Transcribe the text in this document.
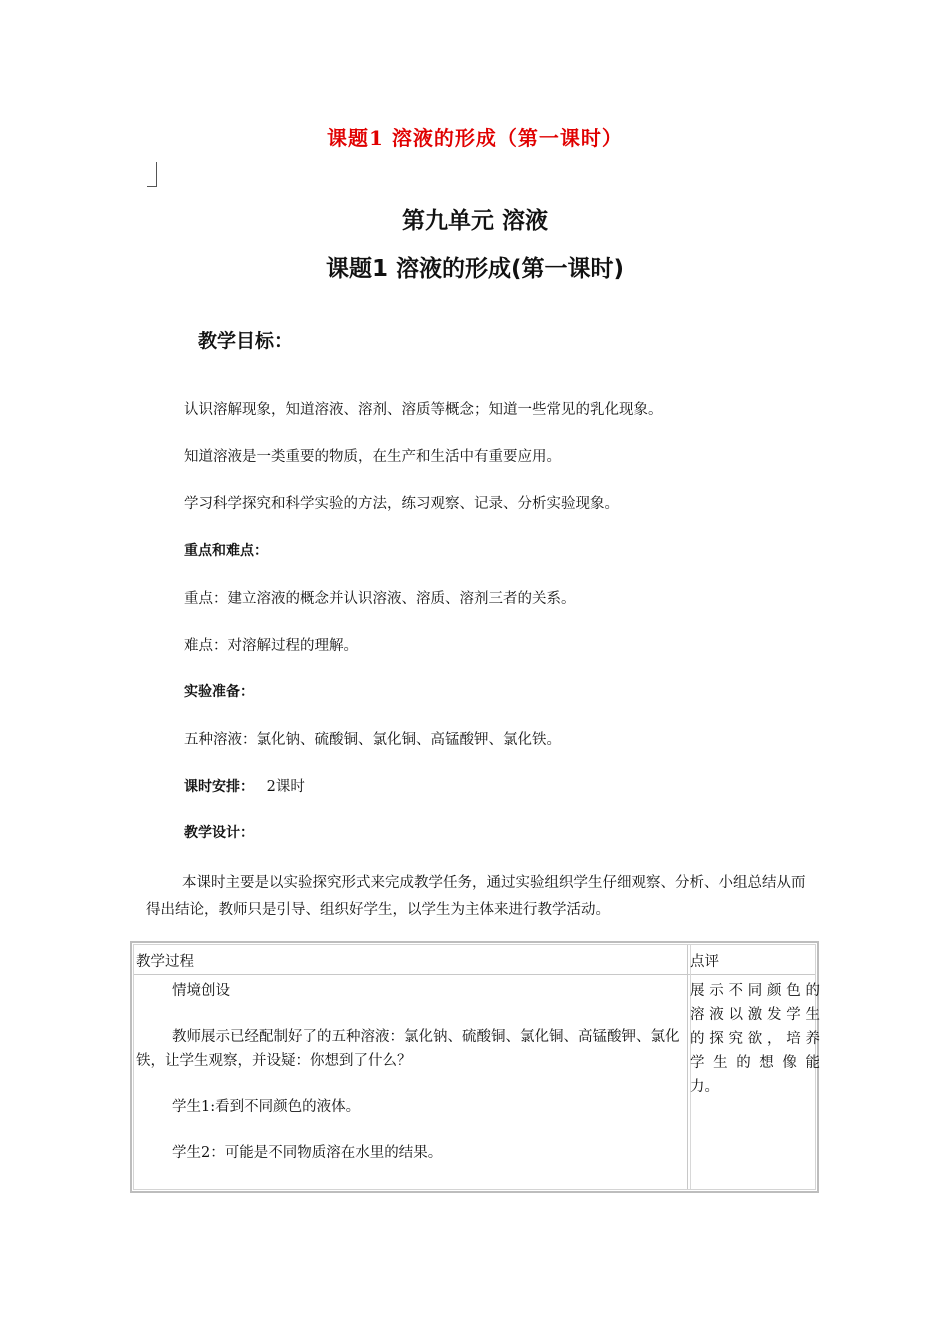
课题1 溶液的形成（第一课时）
第九单元 溶液
课题1 溶液的形成(第一课时)
教学目标：
认识溶解现象，知道溶液、溶剂、溶质等概念；知道一些常见的乳化现象。
知道溶液是一类重要的物质，在生产和生活中有重要应用。
学习科学探究和科学实验的方法，练习观察、记录、分析实验现象。
重点和难点：
重点：建立溶液的概念并认识溶液、溶质、溶剂三者的关系。
难点：对溶解过程的理解。
实验准备：
五种溶液：氯化钠、硫酸铜、氯化铜、高锰酸钾、氯化铁。
课时安排： 2课时
教学设计：
本课时主要是以实验探究形式来完成教学任务，通过实验组织学生仔细观察、分析、小组总结从而得出结论，教师只是引导、组织好学生，以学生为主体来进行教学活动。
教学过程	点评

情境创设

教师展示已经配制好了的五种溶液：氯化钠、硫酸铜、氯化铜、高锰酸钾、氯化铁，让学生观察，并设疑：你想到了什么？

学生1:看到不同颜色的液体。

学生2：可能是不同物质溶在水里的结果。

展示不同颜色的
溶液以激发学生
的探究欲，培养
学生的想像能
力。
